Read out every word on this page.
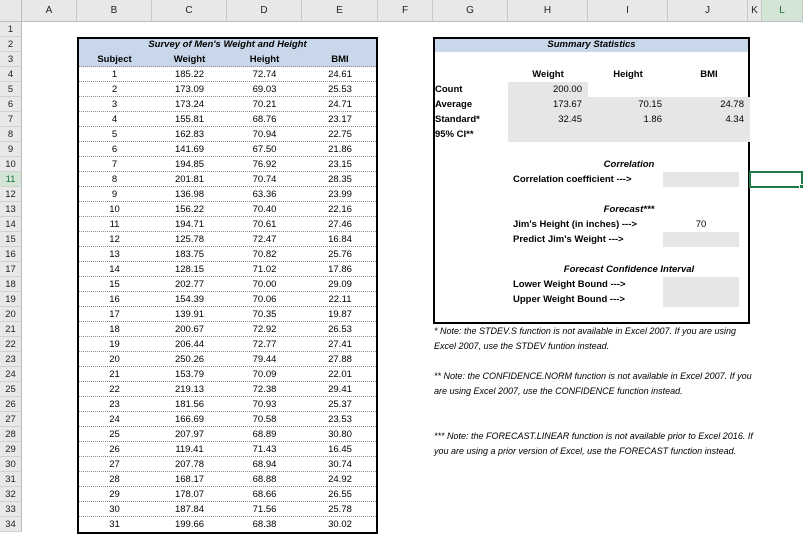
A	B	C	D	E	F	G	H	I	J	K	L
1
2
3
4
5
6
7
8
9
10
11
12
13
14
15
16
17
18
19
20
21
22
23
24
25
26
27
28
29
30
31
32
33
34
Survey of Men's Weight and Height
Subject	Weight	Height	BMI
1	185.22	72.74	24.61
2	173.09	69.03	25.53
3	173.24	70.21	24.71
4	155.81	68.76	23.17
5	162.83	70.94	22.75
6	141.69	67.50	21.86
7	194.85	76.92	23.15
8	201.81	70.74	28.35
9	136.98	63.36	23.99
10	156.22	70.40	22.16
11	194.71	70.61	27.46
12	125.78	72.47	16.84
13	183.75	70.82	25.76
14	128.15	71.02	17.86
15	202.77	70.00	29.09
16	154.39	70.06	22.11
17	139.91	70.35	19.87
18	200.67	72.92	26.53
19	206.44	72.77	27.41
20	250.26	79.44	27.88
21	153.79	70.09	22.01
22	219.13	72.38	29.41
23	181.56	70.93	25.37
24	166.69	70.58	23.53
25	207.97	68.89	30.80
26	119.41	71.43	16.45
27	207.78	68.94	30.74
28	168.17	68.88	24.92
29	178.07	68.66	26.55
30	187.84	71.56	25.78
31	199.66	68.38	30.02
Summary Statistics
Weight	Height	BMI
Count	200.00
Average	173.67	70.15	24.78
Standard*	32.45	1.86	4.34
95% CI**
Correlation
Correlation coefficient --->
Forecast***
Jim's Height (in inches) --->	70
Predict Jim's Weight --->
Forecast Confidence Interval
Lower Weight Bound --->
Upper Weight Bound --->
* Note: the STDEV.S function is not available in Excel 2007. If you are using Excel 2007, use the STDEV funtion instead.
** Note: the CONFIDENCE.NORM function is not available in Excel 2007. If you are using Excel 2007, use the CONFIDENCE function instead.
*** Note: the FORECAST.LINEAR function is not available prior to Excel 2016. If you are using a prior version of Excel, use the FORECAST function instead.
